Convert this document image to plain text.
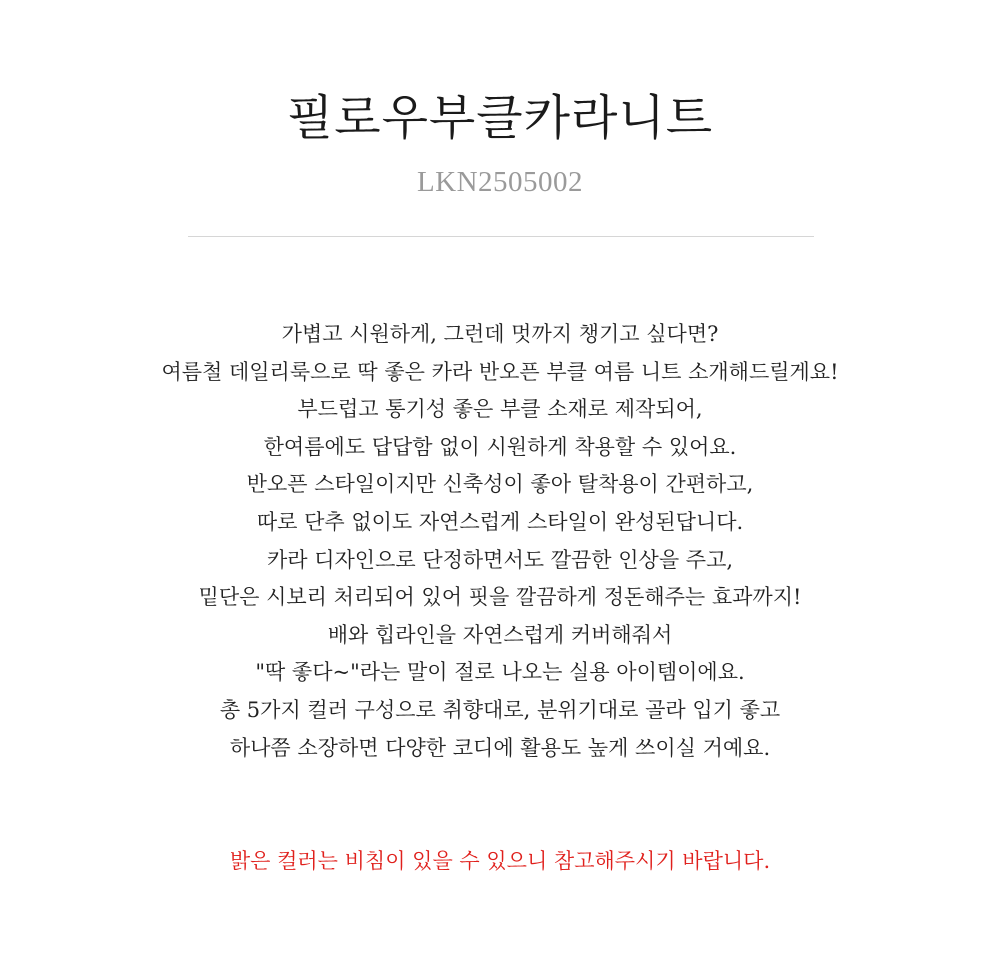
필로우부클카라니트
LKN2505002
가볍고 시원하게, 그런데 멋까지 챙기고 싶다면?
여름철 데일리룩으로 딱 좋은 카라 반오픈 부클 여름 니트 소개해드릴게요!
부드럽고 통기성 좋은 부클 소재로 제작되어,
한여름에도 답답함 없이 시원하게 착용할 수 있어요.
반오픈 스타일이지만 신축성이 좋아 탈착용이 간편하고,
따로 단추 없이도 자연스럽게 스타일이 완성된답니다.
카라 디자인으로 단정하면서도 깔끔한 인상을 주고,
밑단은 시보리 처리되어 있어 핏을 깔끔하게 정돈해주는 효과까지!
배와 힙라인을 자연스럽게 커버해줘서
"딱 좋다~"라는 말이 절로 나오는 실용 아이템이에요.
총 5가지 컬러 구성으로 취향대로, 분위기대로 골라 입기 좋고
하나쯤 소장하면 다양한 코디에 활용도 높게 쓰이실 거예요.
밝은 컬러는 비침이 있을 수 있으니 참고해주시기 바랍니다.
